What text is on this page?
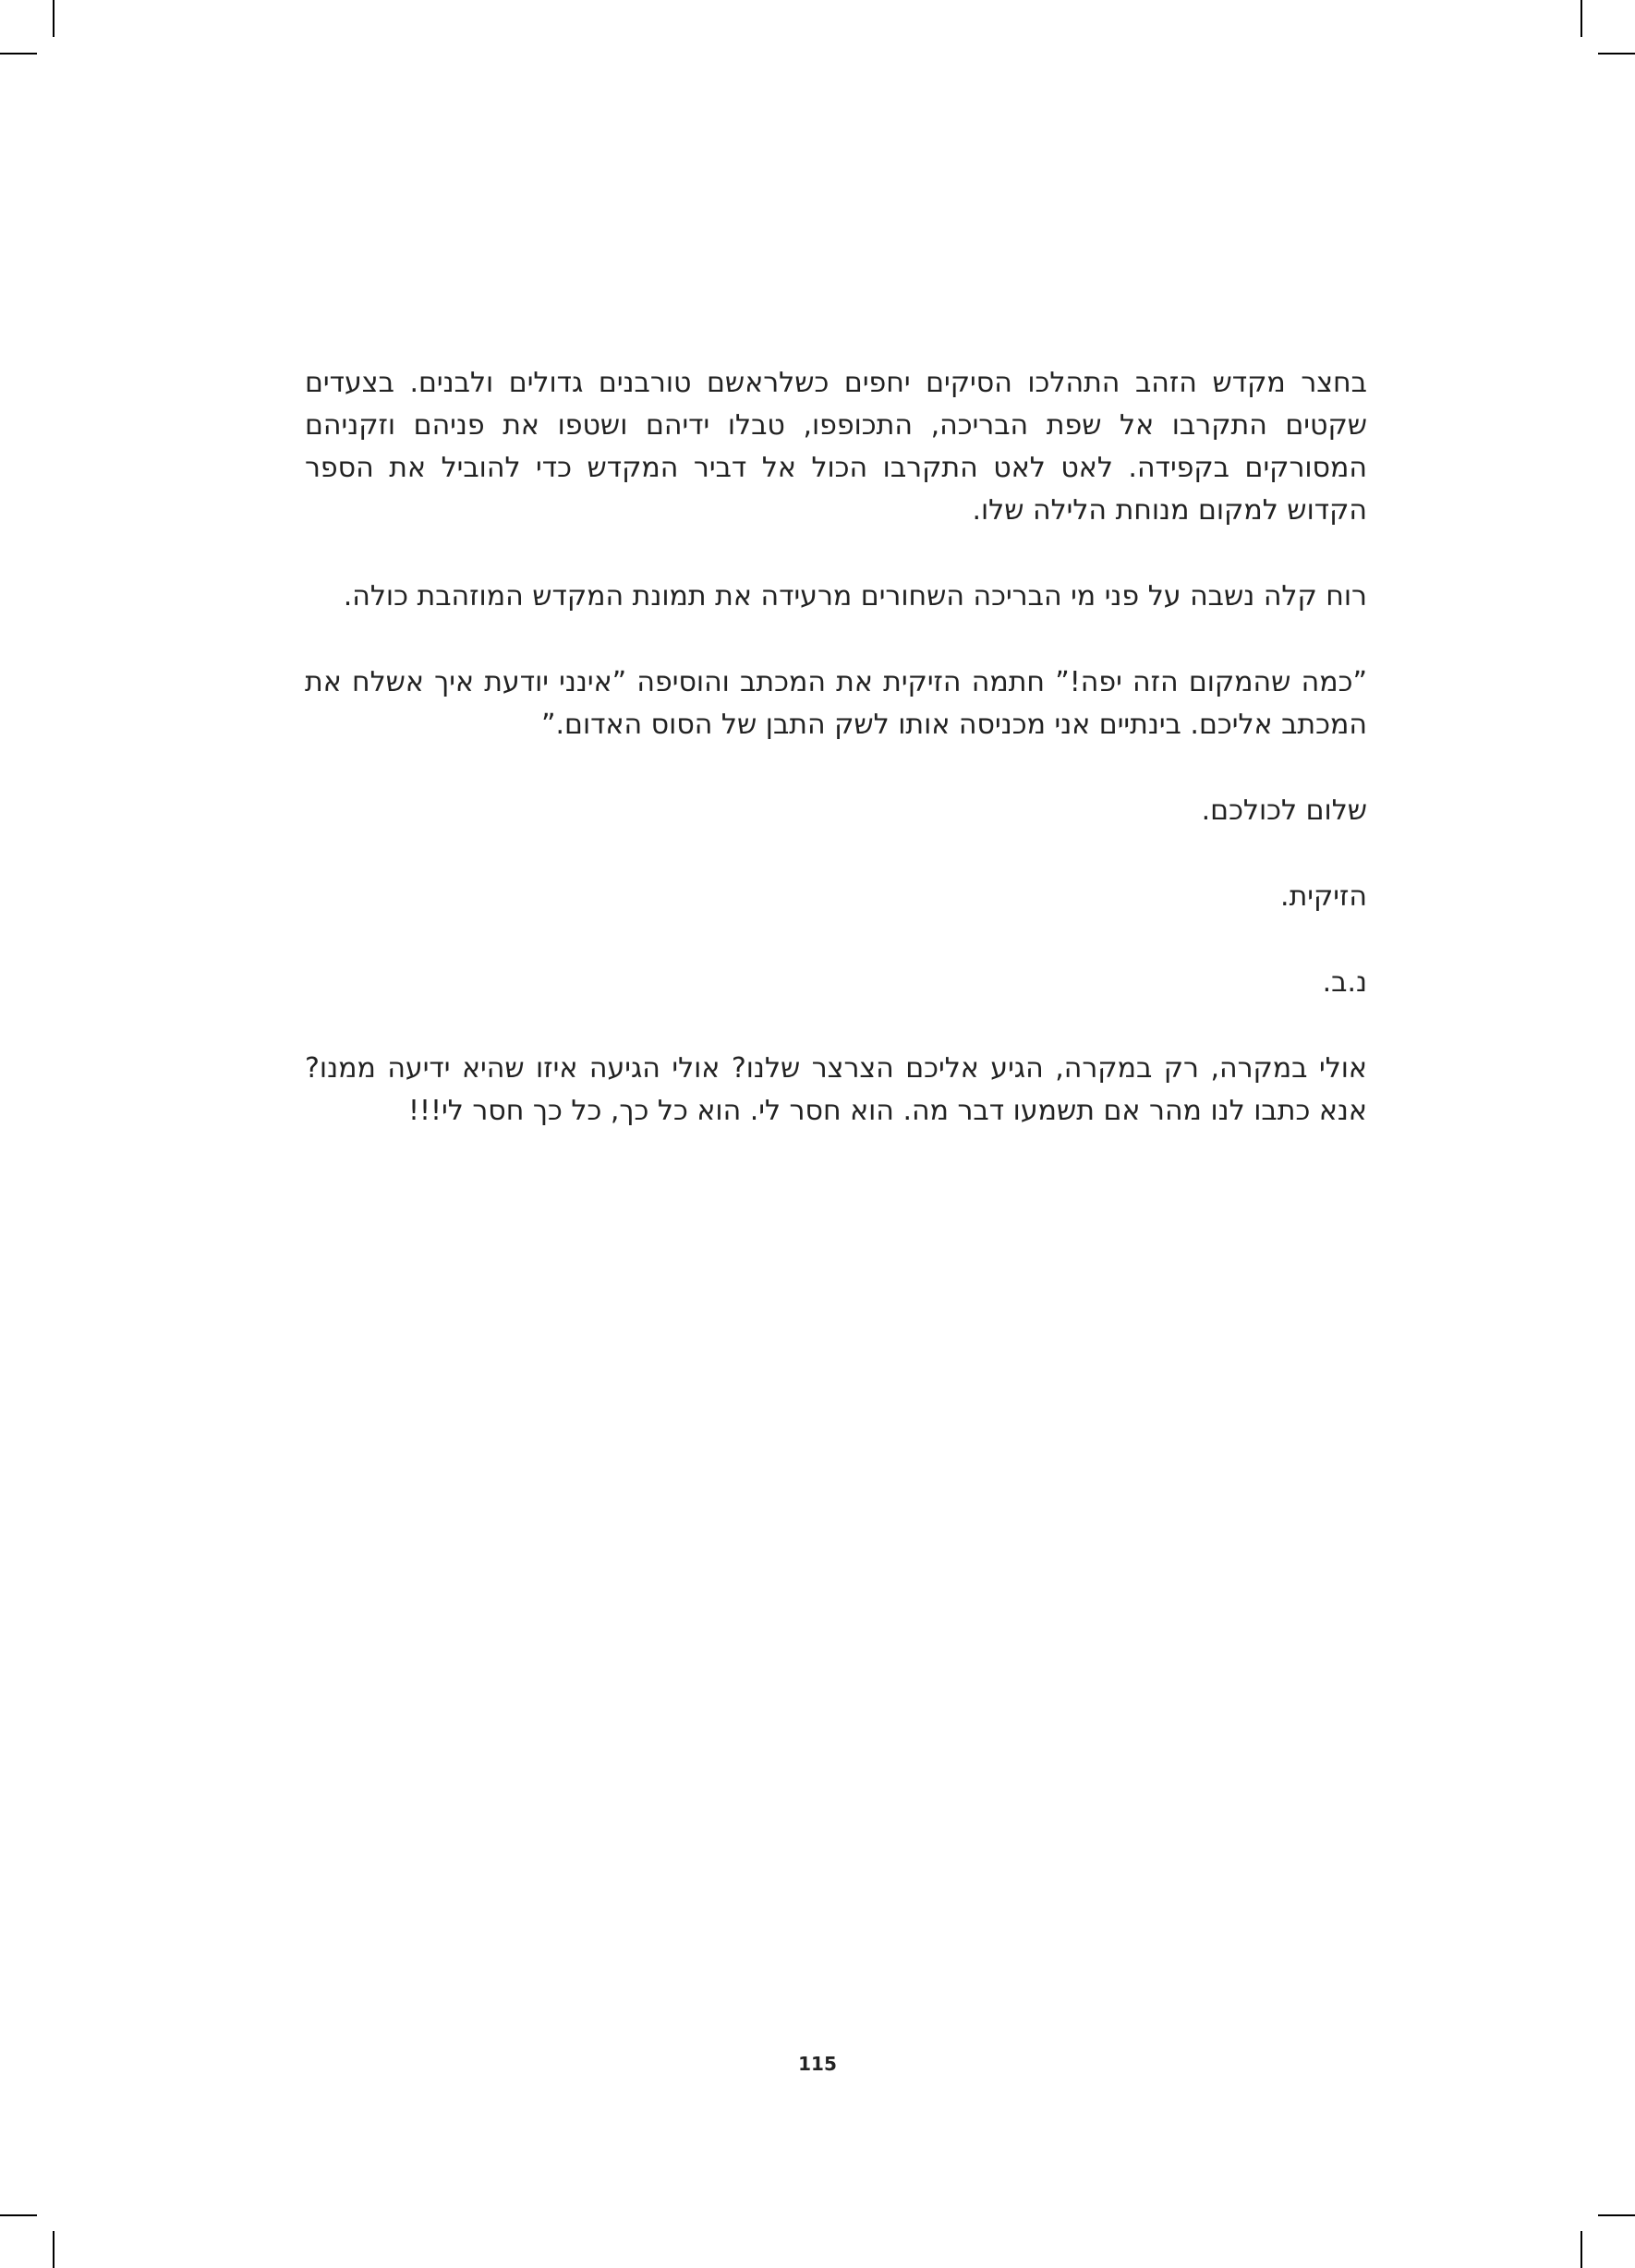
בחצר מקדש הזהב התהלכו הסיקים יחפים כשלראשם טורבנים גדולים ולבנים. בצעדים שקטים התקרבו אל שפת הבריכה, התכופפו, טבלו ידיהם ושטפו את פניהם וזקניהם המסורקים בקפידה. לאט לאט התקרבו הכול אל דביר המקדש כדי להוביל את הספר הקדוש למקום מנוחת הלילה שלו.

רוח קלה נשבה על פני מי הבריכה השחורים מרעידה את תמונת המקדש המוזהבת כולה.

”כמה שהמקום הזה יפה!” חתמה הזיקית את המכתב והוסיפה ”אינני יודעת איך אשלח את המכתב אליכם. בינתיים אני מכניסה אותו לשק התבן של הסוס האדום.”

שלום לכולכם.

הזיקית.

נ.ב.

אולי במקרה, רק במקרה, הגיע אליכם הצרצר שלנו? אולי הגיעה איזו שהיא ידיעה ממנו? אנא כתבו לנו מהר אם תשמעו דבר מה. הוא חסר לי. הוא כל כך, כל כך חסר לי!!!

115
